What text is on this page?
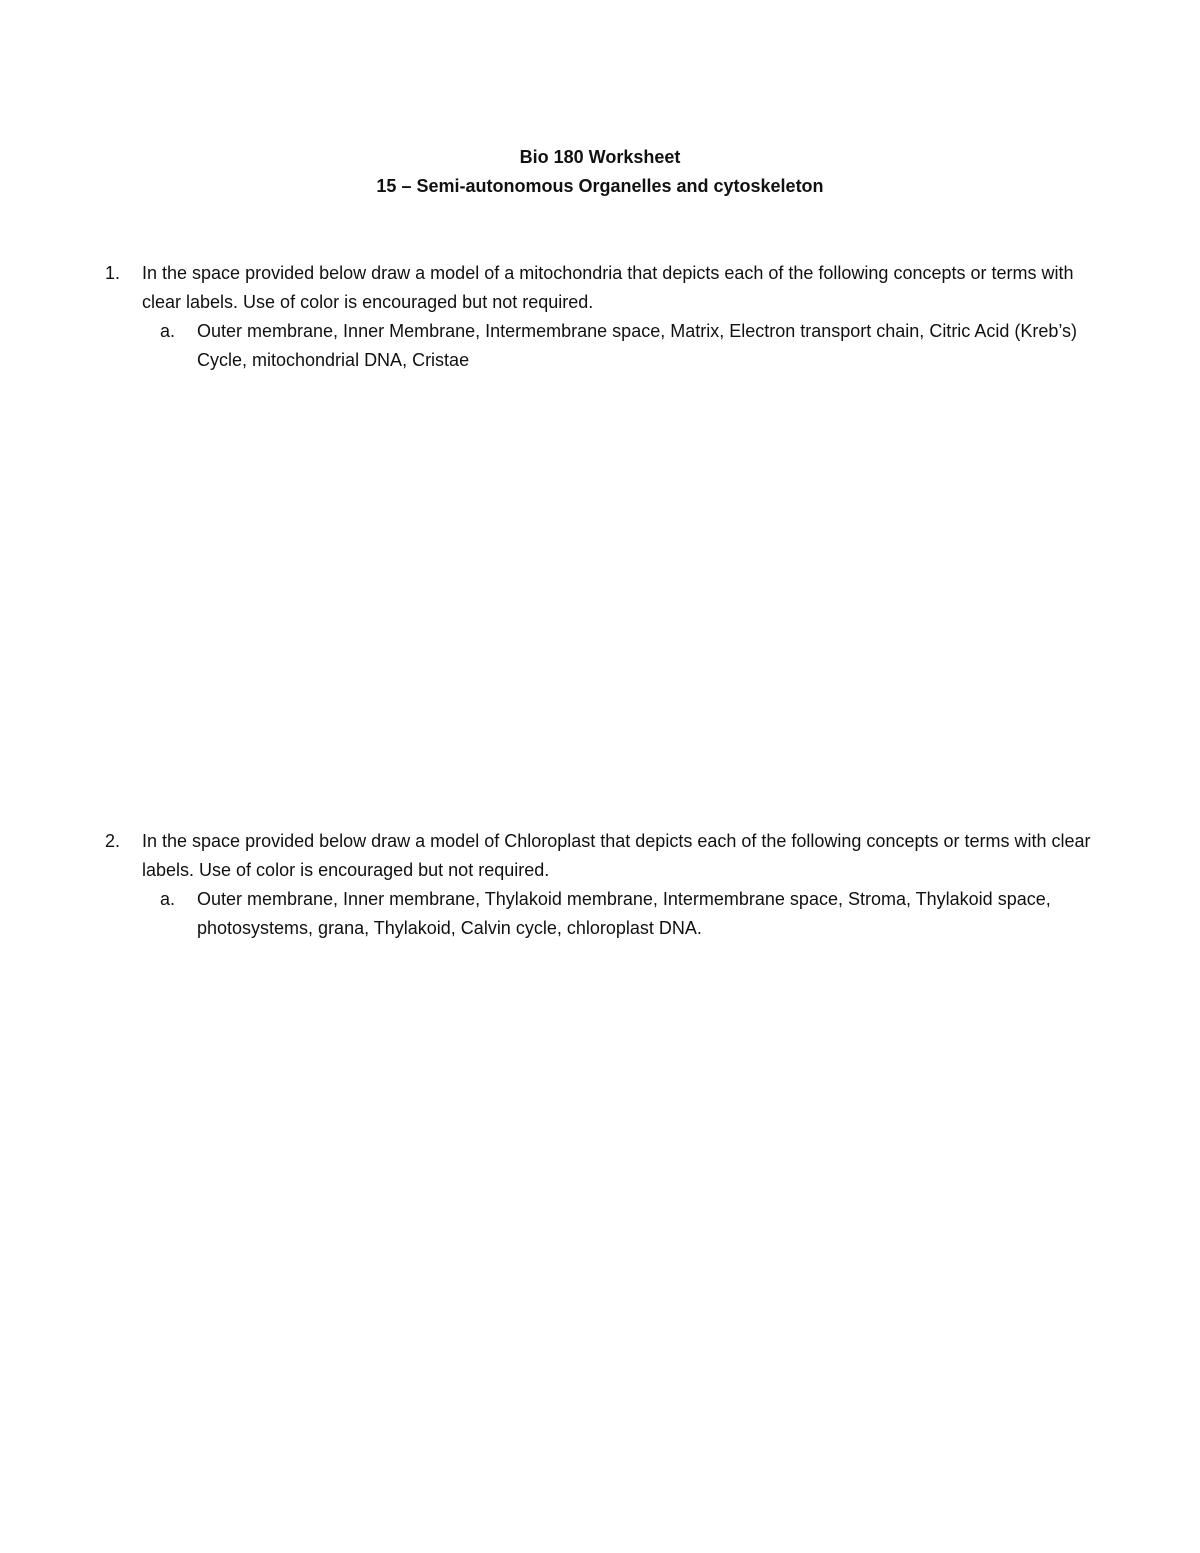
Bio 180 Worksheet
15 – Semi-autonomous Organelles and cytoskeleton
1. In the space provided below draw a model of a mitochondria that depicts each of the following concepts or terms with clear labels. Use of color is encouraged but not required.
a. Outer membrane, Inner Membrane, Intermembrane space, Matrix, Electron transport chain, Citric Acid (Kreb’s) Cycle, mitochondrial DNA, Cristae
2. In the space provided below draw a model of Chloroplast that depicts each of the following concepts or terms with clear labels. Use of color is encouraged but not required.
a. Outer membrane, Inner membrane, Thylakoid membrane, Intermembrane space, Stroma, Thylakoid space, photosystems, grana, Thylakoid, Calvin cycle, chloroplast DNA.
